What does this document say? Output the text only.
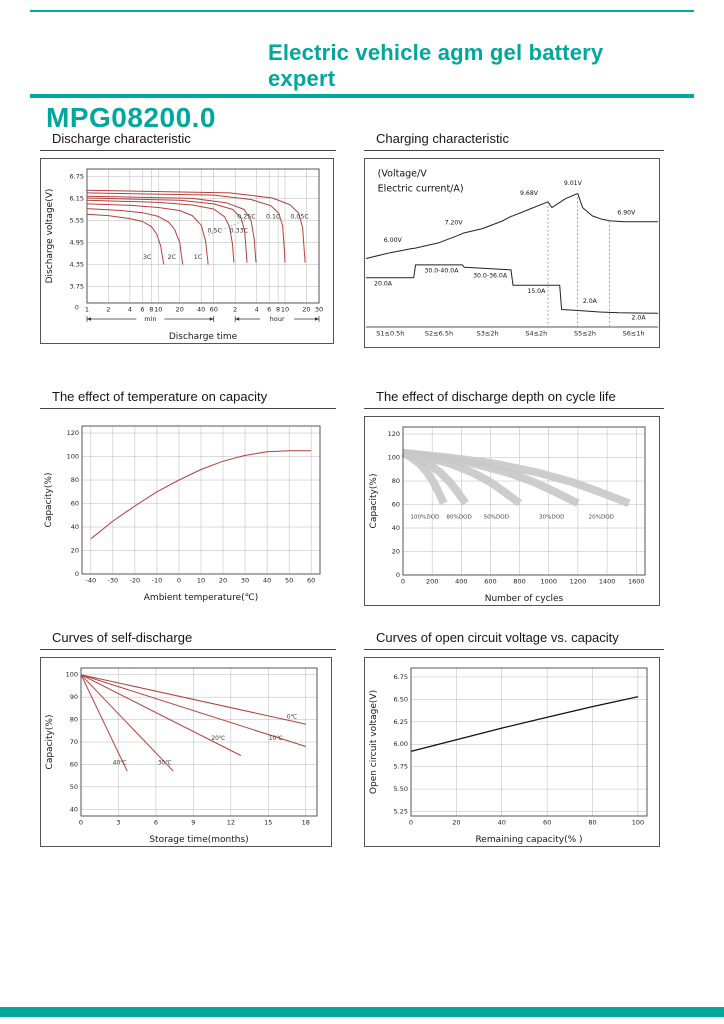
Electric vehicle agm gel battery
expert
MPG08200.0
Discharge characteristic
6.75
6.15
5.55
4.95
4.35
3.75
1	2	4 6 8 10 20 40 60 2	4 6 8 10 20 30
min	hour
3C	2C	1C
0.5C 0.33C
0.25C 0.1C 0.05C
0
Discharge time
Discharge voltage(V)
Charging characteristic
S1≤0.5h	S2≤6.5h	S3≤2h	S4≤2h	S5≤2h	S6≤1h
(Voltage/V
Electric current/A)
6.00V
7.20V
9.68V
9.01V
6.90V
20.0A
30.0-40.0A
30.0-36.0A
15.0A
2.0A
2.0A
The effect of temperature on capacity
0
20
40
60
80
100
120
-40 -30 -20 -10 0 10 20 30 40 50 60
Ambient temperature(℃)
Capacity(%)
The effect of discharge depth on cycle life
0
20
40
60
80
100
120
0	200	400	600	800 1000 1200 1400 1600
100%DOD 80%DOD 50%DOD	30%DOD	20%DOD
Number of cycles
Capacity(%)
Curves of self-discharge
40
50
60
70
80
90
100
0	3	6	9	12	15	18
40℃	30℃
20℃	10℃
0℃
Storage time(months)
Capacity(%)
Curves of open circuit voltage vs. capacity
5.25
5.50
5.75
6.00
6.25
6.50
6.75
0	20	40	60	80	100
Remaining capacity(% )
Open circuit voltage(V)
